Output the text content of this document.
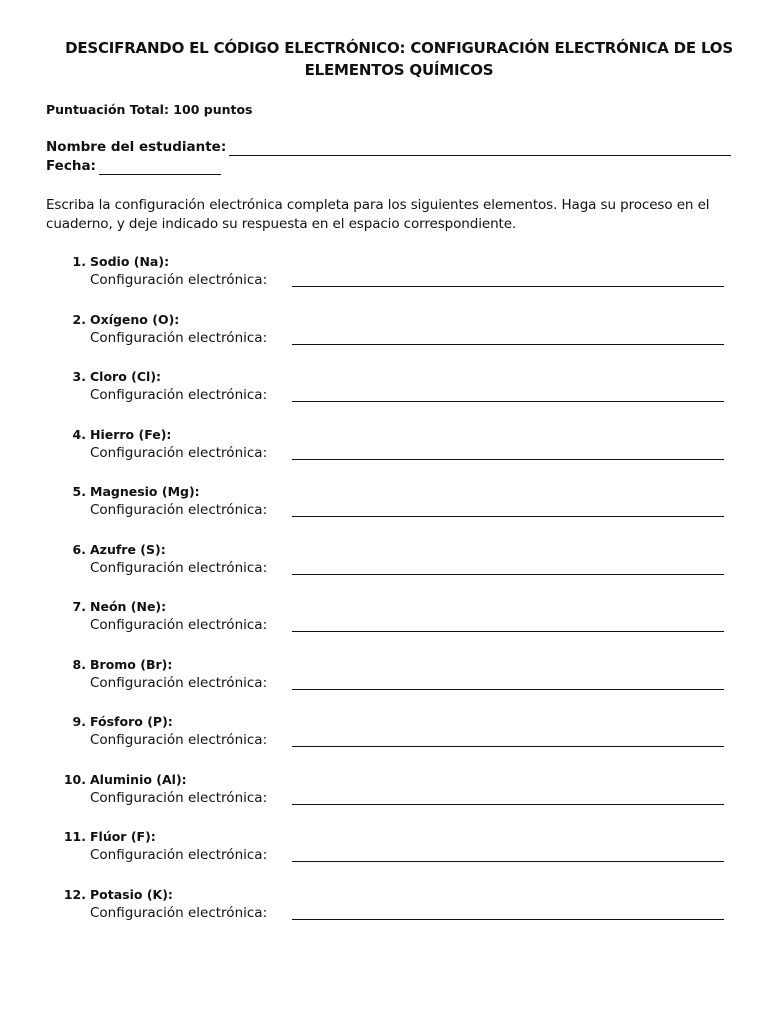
DESCIFRANDO EL CÓDIGO ELECTRÓNICO: CONFIGURACIÓN ELECTRÓNICA DE LOS
ELEMENTOS QUÍMICOS
Puntuación Total: 100 puntos
Nombre del estudiante:
Fecha:
Escriba la configuración electrónica completa para los siguientes elementos. Haga su proceso en el cuaderno, y deje indicado su respuesta en el espacio correspondiente.
1. Sodio (Na):
Configuración electrónica:
2. Oxígeno (O):
Configuración electrónica:
3. Cloro (Cl):
Configuración electrónica:
4. Hierro (Fe):
Configuración electrónica:
5. Magnesio (Mg):
Configuración electrónica:
6. Azufre (S):
Configuración electrónica:
7. Neón (Ne):
Configuración electrónica:
8. Bromo (Br):
Configuración electrónica:
9. Fósforo (P):
Configuración electrónica:
10. Aluminio (Al):
Configuración electrónica:
11. Flúor (F):
Configuración electrónica:
12. Potasio (K):
Configuración electrónica:
